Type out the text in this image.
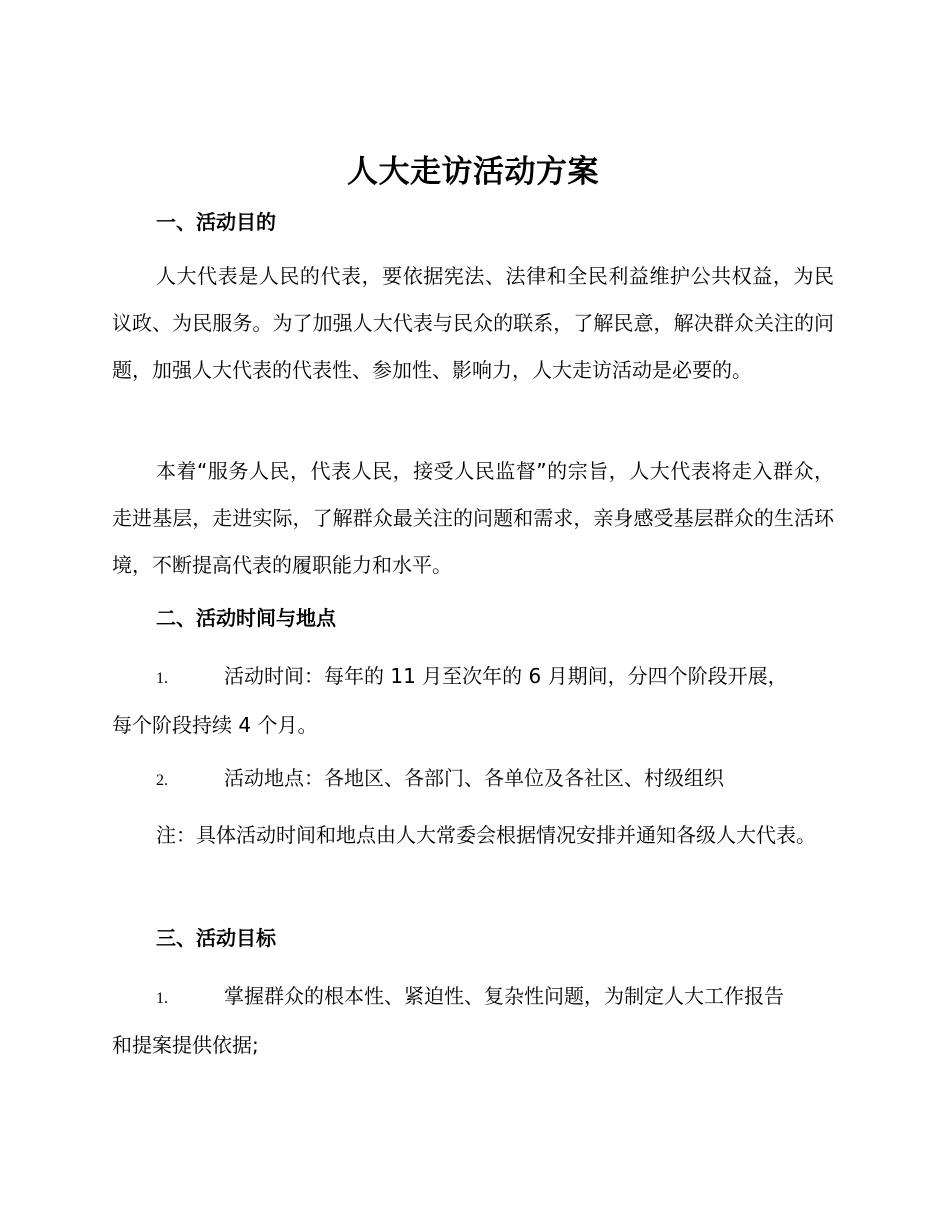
人大走访活动方案
一、活动目的

人大代表是人民的代表，要依据宪法、法律和全民利益维护公共权益，为民议政、为民服务。为了加强人大代表与民众的联系，了解民意，解决群众关注的问题，加强人大代表的代表性、参加性、影响力，人大走访活动是必要的。

本着“服务人民，代表人民，接受人民监督”的宗旨，人大代表将走入群众，走进基层，走进实际，了解群众最关注的问题和需求，亲身感受基层群众的生活环境，不断提高代表的履职能力和水平。

二、活动时间与地点
1.	活动时间：每年的 11 月至次年的 6 月期间，分四个阶段开展，
每个阶段持续 4 个月。
2.	活动地点：各地区、各部门、各单位及各社区、村级组织

注：具体活动时间和地点由人大常委会根据情况安排并通知各级人大代表。

三、活动目标
1.	掌握群众的根本性、紧迫性、复杂性问题，为制定人大工作报告
和提案提供依据;
